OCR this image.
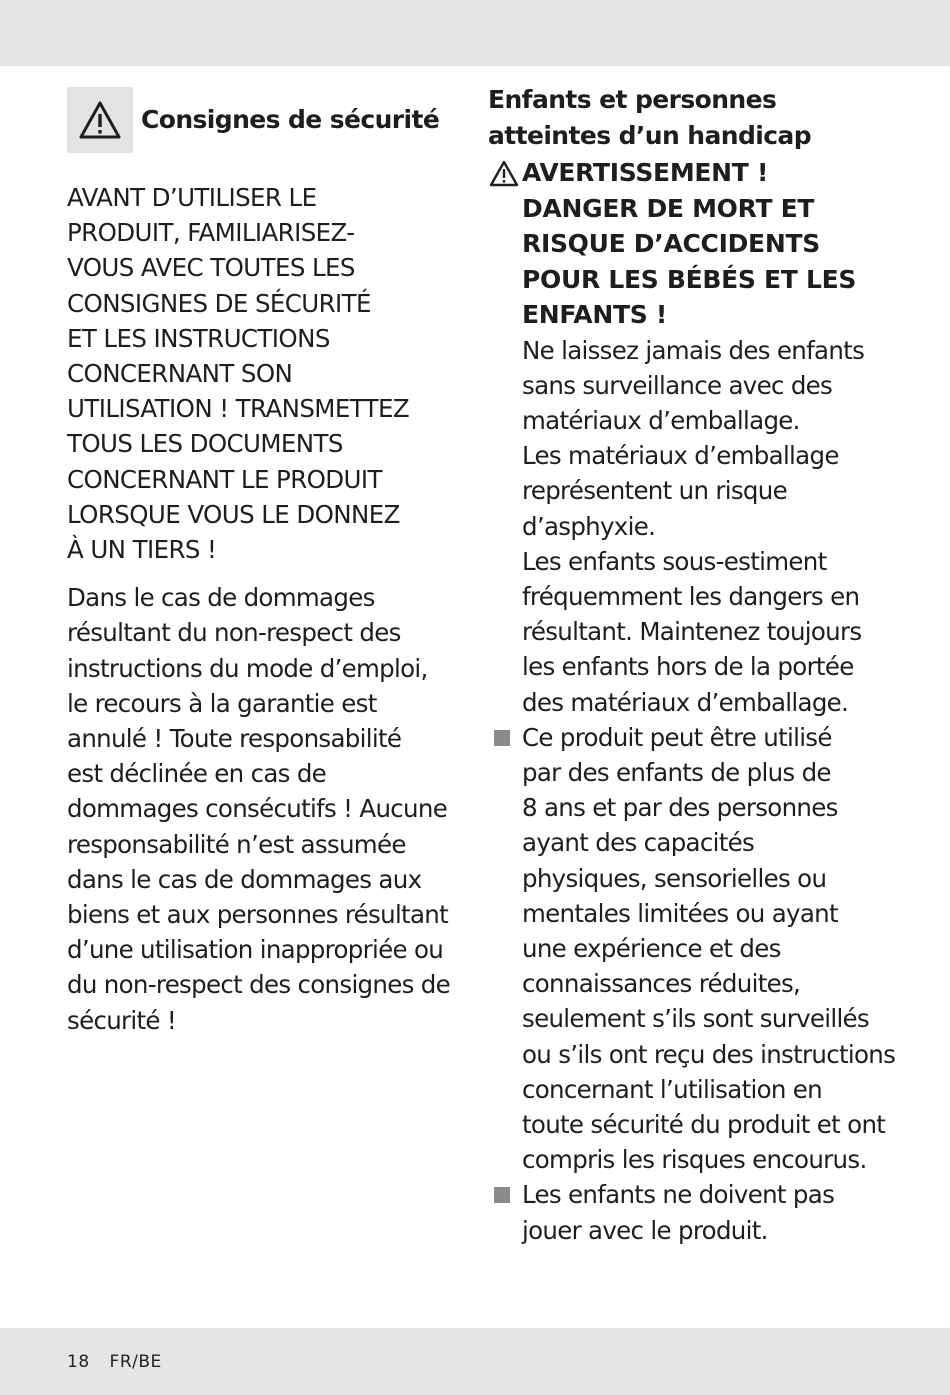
Consignes de sécurité
AVANT D’UTILISER LE
PRODUIT, FAMILIARISEZ-
VOUS AVEC TOUTES LES
CONSIGNES DE SÉCURITÉ
ET LES INSTRUCTIONS
CONCERNANT SON
UTILISATION ! TRANSMETTEZ
TOUS LES DOCUMENTS
CONCERNANT LE PRODUIT
LORSQUE VOUS LE DONNEZ
À UN TIERS !
Dans le cas de dommages
résultant du non-respect des
instructions du mode d’emploi,
le recours à la garantie est
annulé ! Toute responsabilité
est déclinée en cas de
dommages consécutifs ! Aucune
responsabilité n’est assumée
dans le cas de dommages aux
biens et aux personnes résultant
d’une utilisation inappropriée ou
du non-respect des consignes de
sécurité !
Enfants et personnes
atteintes d’un handicap
AVERTISSEMENT !
DANGER DE MORT ET
RISQUE D’ACCIDENTS
POUR LES BÉBÉS ET LES
ENFANTS !
Ne laissez jamais des enfants
sans surveillance avec des
matériaux d’emballage.
Les matériaux d’emballage
représentent un risque
d’asphyxie.
Les enfants sous-estiment
fréquemment les dangers en
résultant. Maintenez toujours
les enfants hors de la portée
des matériaux d’emballage.
Ce produit peut être utilisé
par des enfants de plus de
8 ans et par des personnes
ayant des capacités
physiques, sensorielles ou
mentales limitées ou ayant
une expérience et des
connaissances réduites,
seulement s’ils sont surveillés
ou s’ils ont reçu des instructions
concernant l’utilisation en
toute sécurité du produit et ont
compris les risques encourus.
Les enfants ne doivent pas
jouer avec le produit.
18 FR/BE
